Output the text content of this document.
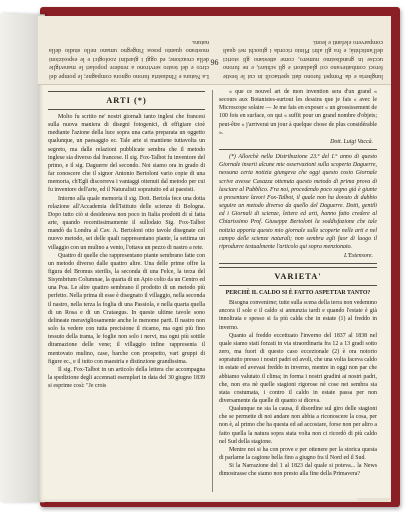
lungheria e da Pompei furono dati spettacoli in cui le bestie feroci combattevano coi gladiatori e gli schiavi, e ne furono uccise in grandissimo numero, come attestano gli storici dell'antichità; e fra gli altri Plinio ricorda i giuochi nei quali comparvero elefanti e leoni.
La Natura e l'Industria furono ognora compagne; le pompe del circo e del teatro servirono a rendere popolari le maraviglie della creazione; ed oggi i giardini zoologici e le esposizioni mostrano quanto possa l'ingegno umano nello studio della natura.
96
ARTI (*)

Molto fu scritto ne' nostri giornali tanto inglesi che francesi sulla nuova maniera di disegni fotogenici, di effigiare cioè mediante l'azione della luce sopra una carta preparata un oggetto qualunque, un paesaggio ec. Tale arte si mantiene tuttavolta un segreto, ma dalle relazioni pubblicate sembra che il metodo inglese sia diverso dal francese. Il sig. Fox-Talbot fu inventore del primo, e il sig. Daguerre del secondo. Noi siamo ora in grado di far conoscere che il signor Antonio Bertoloni vario copie di una memoria, ch'Egli discorreva i vantaggi ottenuti dal metodo per cui fu inventore dell'arte, ed il Naturalisti sopratutto ed ai paesisti.

Intorno alla quale memoria il sig. Dott. Bertola fece una dotta relazione all'Accademia dell'Istituto delle scienze di Bologna. Dopo tutto ciò si desiderava non poco in Italia prodotti di sì fatta arte, quando recentissimamente il sullodato Sig. Fox-Talbot mandò da Londra al Cav. A. Bertoloni otto tavole disegnate col nuovo metodo, sei delle quali rappresentano piante, la settima un villaggio con un mulino a vento, l'ottava un pezzo di nastro a rete.

Quattro di quelle che rappresentano piante sembrano fatte con un metodo diverso dalle quattro altre. Una delle prime offre la figura del Bromus sterilis, la seconda di una Felce, la terza del Sisymbrium Columnae, la quarta di un Apio colto da un Centro ed una Poa. Le altre quattro sembrano il prodotto di un metodo più perfetto. Nella prima di esse è disegnato il villaggio, nella seconda il nastro, nella terza la foglia di una Passiola, e nella quarta quella di un Rosa e di un Crataegus. In queste ultime tavole sono delineate meravigliosamente anche le menome parti. Il nastro non solo fa vedere con tutta precisione il ricamo, ma ogni più fino tessuto della trama, le foglie non solo i nervi, ma ogni più sottile diramazione delle vene; il villaggio infine rappresenta il mentovato mulino, case, barche con prospetto, vari gruppi di figure ec., e il tutto con maestria e distinzione grandissima.

Il sig. Fox-Talbot in un articolo della lettera che accompagna la spedizione degli accennati esemplari in data del 30 giugno 1839 si esprime così: "Je crois

« que ce nouvel art de mon invention sera d'un grand « secours aux Botanistes-surtout les dessins que je fais « avec le Microscope solaire — Je me fais en exposer « un grossissement de 100 fois en surface, on qui « suffit pour un grand nombre d'objets; peut-être « j'arriverai un jour à quelque chose de plus considérable ».

Dott. Luigi Vaccà.

(*) Allorchè nella Distribuzione 23.ª del I.° anno di questo Giornale inserii alcune mie osservazioni sulla scoperta Daguerre, nessuna certa notizia giungeva che oggi questo cosio Giornale scrive avesse Casazza ottenuta questo metodo di prima prova di lasciare al Pubblico. Fra noi, procedendo poco segno già è giunte a presentare lavori Fox-Talbot, il quale non ha dovuto di dubbio seguire un metodo diverso da quello del Daguerre. Dotti, gentili ed i Giornali di scienze, lettere ed arti, hanno fatto credere al Chiarissimo Prof. Giuseppe Bertoloni la soddisfazione che tale notizia apporta questo mio giornale sulle scoperte nelle arti e nel campo delle scienze naturali; non sembra egli fuor di luogo il riprodurre testualmente l'articolo qui sopra menzionato.

L'Estensore.
VARIETA'
PERCHÈ IL CALDO SI È FATTO ASPETTAR TANTO?

Bisogna convenirne; tutte sulla scena della terra non vedemmo ancora il sole e il caldo si annunzia tardi e quando l'estate è già innoltrata e spesso si fa più calda che in estate (1) al freddo in inverno.

Quanto al freddo eccettuato l'inverno del 1837 al 1838 nel quale siamo stati forzati in via straordinaria fra 12 a 13 gradi sotto zero, ma fuori di questo caso eccezionale (2) è ora notorio sopratutto presso i nostri padri ed avoli, che una volta faceva caldo in estate ed avevasi freddo in inverno, mentre in oggi non par che abbiamo valutato il clima; in forma i nostri gradini ai nostri padri, che, non era nè quelle stagioni rigorose nè cose nei sembra sia stata costumata, i contro il caldo in estate passa per non diversamente da quelle di quanto si diceva.

Qualunque ne sia la causa, il disordine sul giro delle stagioni che se permette di noi andare non abbia a riconoscere la cosa, per non è, al primo che ha questa ed ad accostare, forse non per altro a fatto quella la natura sopra stata volta non ci ricordò di più caldo nel Sud della stagione.

Mentre noi si ha con prove e per ottenere per la storica questa di parlarne la cagione bella fino a giugno fra il Nord ed il Sud.

Si la Narrazione del 1 al 1823 dal quale si poteva... la News dimostrasse che siamo non presto alla fine della Primavera?
